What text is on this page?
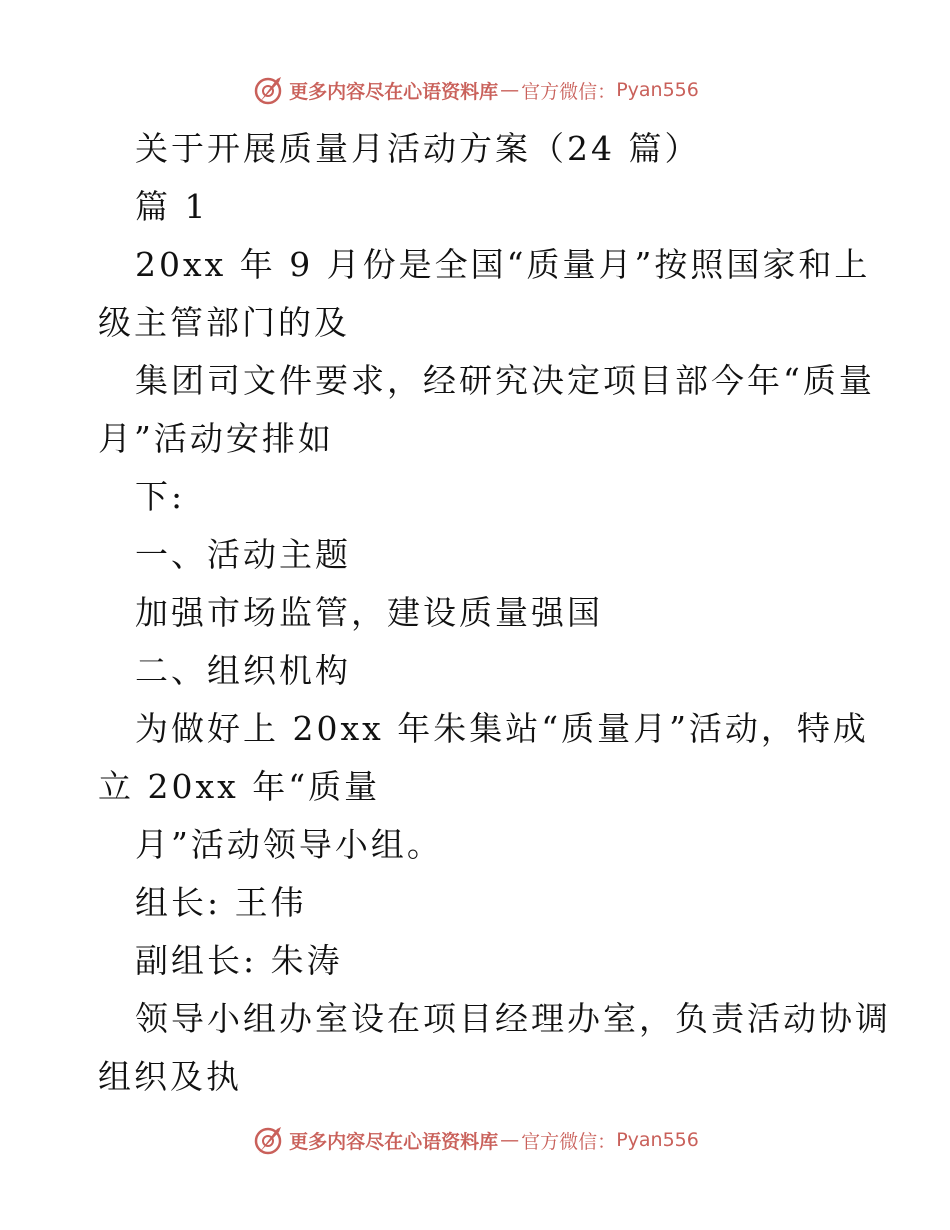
更多内容尽在心语资料库 — 官方微信： Pyan556
关于开展质量月活动方案（24 篇）
篇 1
20xx 年 9 月份是全国“质量月”按照国家和上
级主管部门的及
集团司文件要求，经研究决定项目部今年“质量
月”活动安排如
下:
一、活动主题
加强市场监管，建设质量强国
二、组织机构
为做好上 20xx 年朱集站“质量月”活动，特成
立 20xx 年“质量
月”活动领导小组。
组长: 王伟
副组长: 朱涛
领导小组办室设在项目经理办室，负责活动协调
组织及执
更多内容尽在心语资料库 — 官方微信： Pyan556
